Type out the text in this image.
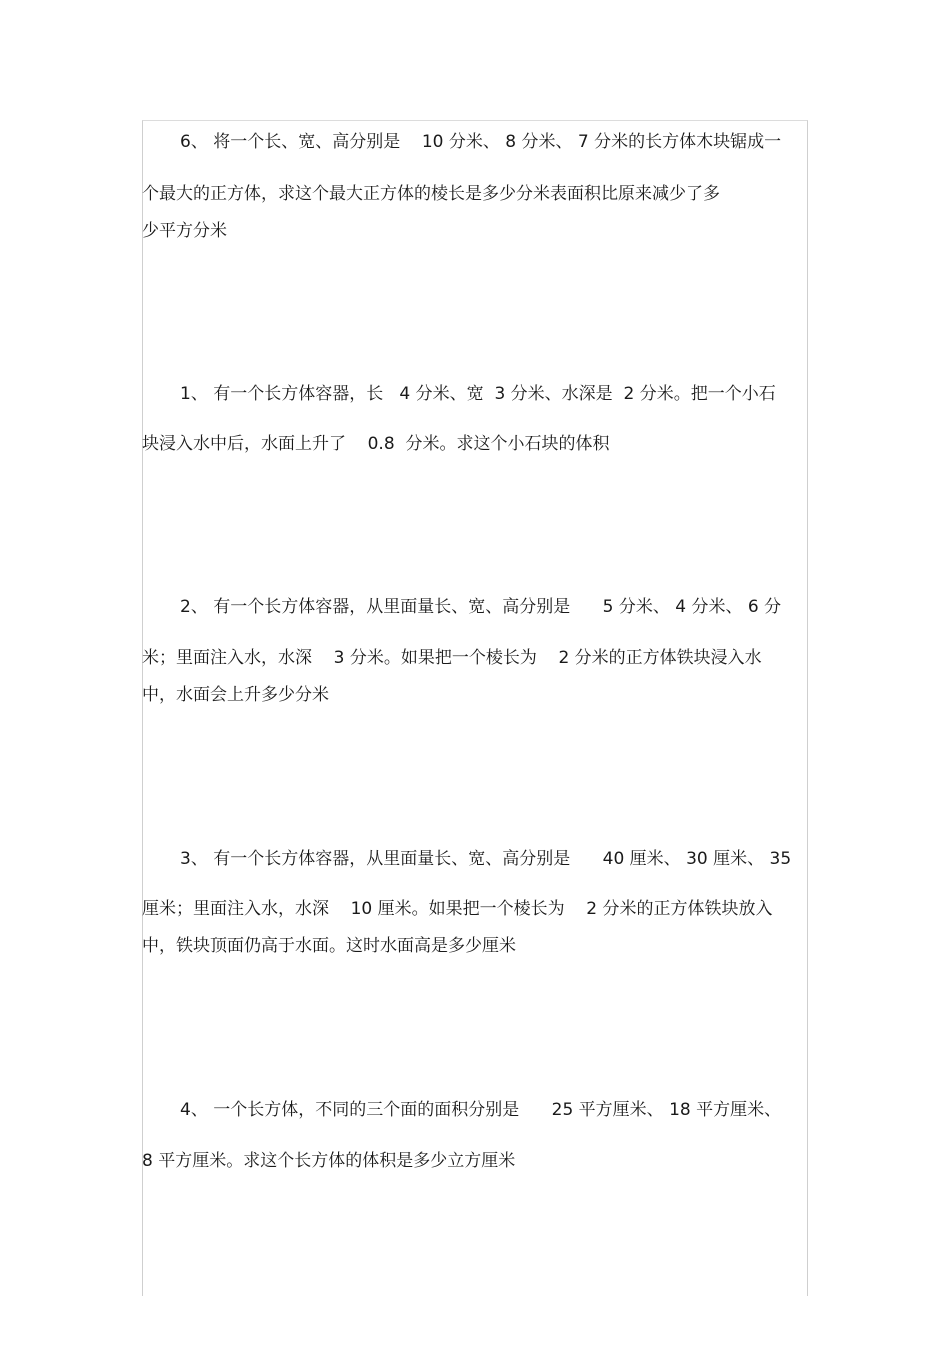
6、 将一个长、宽、高分别是    10 分米、 8 分米、 7 分米的长方体木块锯成一

个最大的正方体，求这个最大正方体的棱长是多少分米表面积比原来减少了多

少平方分米

1、 有一个长方体容器，长   4 分米、宽  3 分米、水深是  2 分米。把一个小石

块浸入水中后，水面上升了    0.8  分米。求这个小石块的体积

2、 有一个长方体容器，从里面量长、宽、高分别是      5 分米、 4 分米、 6 分

米；里面注入水，水深    3 分米。如果把一个棱长为    2 分米的正方体铁块浸入水

中，水面会上升多少分米

3、 有一个长方体容器，从里面量长、宽、高分别是      40 厘米、 30 厘米、 35

厘米；里面注入水，水深    10 厘米。如果把一个棱长为    2 分米的正方体铁块放入

中，铁块顶面仍高于水面。这时水面高是多少厘米

4、 一个长方体，不同的三个面的面积分别是      25 平方厘米、 18 平方厘米、

8 平方厘米。求这个长方体的体积是多少立方厘米
